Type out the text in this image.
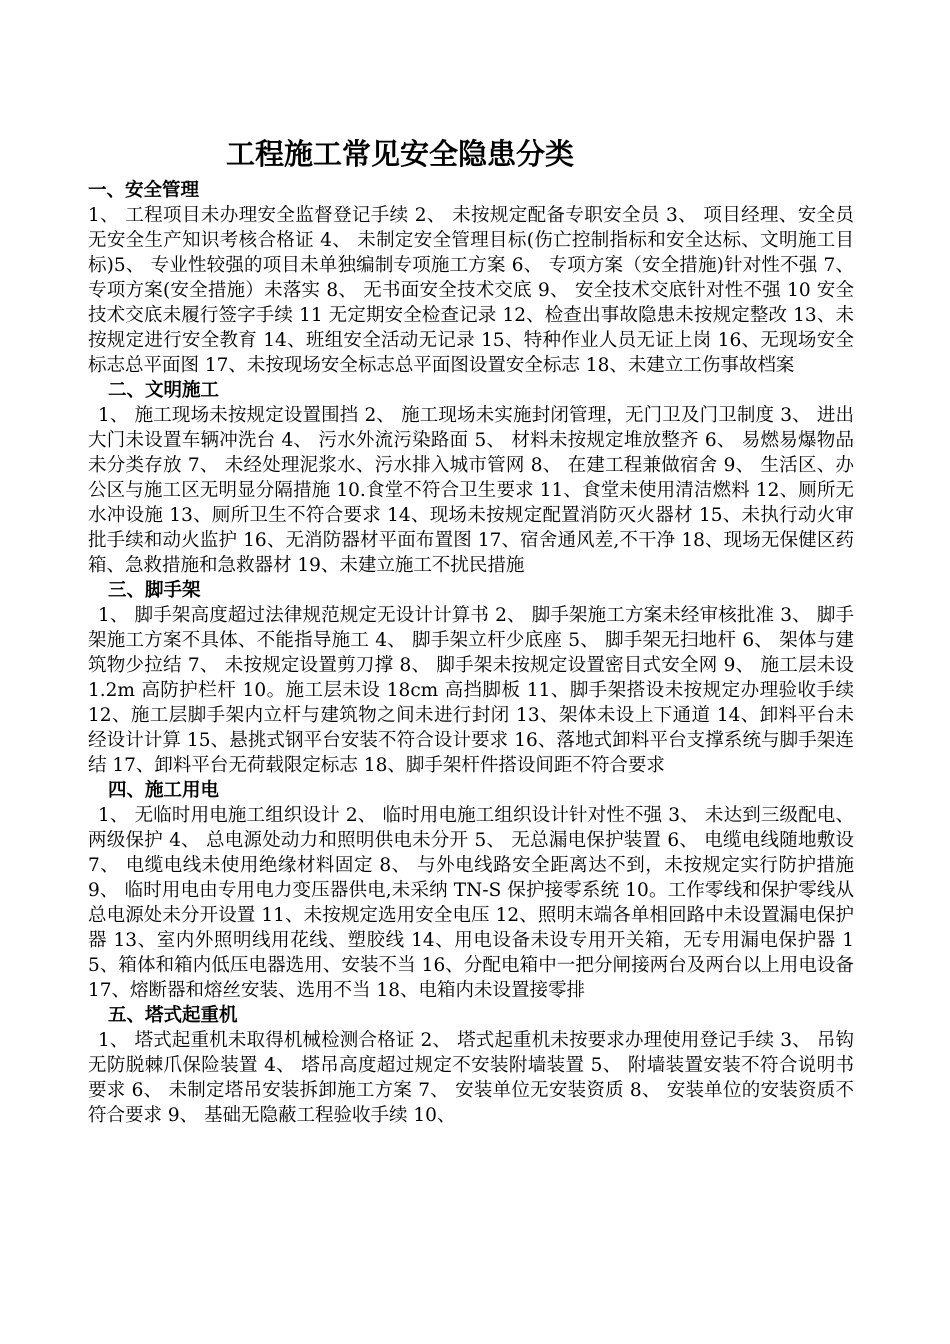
工程施工常见安全隐患分类
一、安全管理

1、 工程项目未办理安全监督登记手续 2、 未按规定配备专职安全员 3、 项目经理、安全员无安全生产知识考核合格证 4、 未制定安全管理目标(伤亡控制指标和安全达标、文明施工目标)5、 专业性较强的项目未单独编制专项施工方案 6、 专项方案（安全措施)针对性不强 7、 专项方案(安全措施）未落实 8、 无书面安全技术交底 9、 安全技术交底针对性不强 10 安全技术交底未履行签字手续 11 无定期安全检查记录 12、检查出事故隐患未按规定整改 13、未按规定进行安全教育 14、班组安全活动无记录 15、特种作业人员无证上岗 16、无现场安全标志总平面图 17、未按现场安全标志总平面图设置安全标志 18、未建立工伤事故档案

二、文明施工

1、 施工现场未按规定设置围挡 2、 施工现场未实施封闭管理，无门卫及门卫制度 3、 进出大门未设置车辆冲洗台 4、 污水外流污染路面 5、 材料未按规定堆放整齐 6、 易燃易爆物品未分类存放 7、 未经处理泥浆水、污水排入城市管网 8、 在建工程兼做宿舍 9、 生活区、办公区与施工区无明显分隔措施 10.食堂不符合卫生要求 11、食堂未使用清洁燃料 12、厕所无水冲设施 13、厕所卫生不符合要求 14、现场未按规定配置消防灭火器材 15、未执行动火审批手续和动火监护 16、无消防器材平面布置图 17、宿舍通风差,不干净 18、现场无保健区药箱、急救措施和急救器材 19、未建立施工不扰民措施

三、脚手架

1、 脚手架高度超过法律规范规定无设计计算书 2、 脚手架施工方案未经审核批准 3、 脚手架施工方案不具体、不能指导施工 4、 脚手架立杆少底座 5、 脚手架无扫地杆 6、 架体与建筑物少拉结 7、 未按规定设置剪刀撑 8、 脚手架未按规定设置密目式安全网 9、 施工层未设 1.2m 高防护栏杆 10。施工层未设 18cm 高挡脚板 11、脚手架搭设未按规定办理验收手续 12、施工层脚手架内立杆与建筑物之间未进行封闭 13、架体未设上下通道 14、卸料平台未经设计计算 15、悬挑式钢平台安装不符合设计要求 16、落地式卸料平台支撑系统与脚手架连结 17、卸料平台无荷载限定标志 18、脚手架杆件搭设间距不符合要求

四、施工用电

1、 无临时用电施工组织设计 2、 临时用电施工组织设计针对性不强 3、 未达到三级配电、两级保护 4、 总电源处动力和照明供电未分开 5、 无总漏电保护装置 6、 电缆电线随地敷设 7、 电缆电线未使用绝缘材料固定 8、 与外电线路安全距离达不到，未按规定实行防护措施 9、 临时用电由专用电力变压器供电,未采纳 TN-S 保护接零系统 10。工作零线和保护零线从总电源处未分开设置 11、未按规定选用安全电压 12、照明末端各单相回路中未设置漏电保护器 13、室内外照明线用花线、塑胶线 14、用电设备未设专用开关箱，无专用漏电保护器 15、箱体和箱内低压电器选用、安装不当 16、分配电箱中一把分闸接两台及两台以上用电设备 17、熔断器和熔丝安装、选用不当 18、电箱内未设置接零排

五、塔式起重机

1、 塔式起重机未取得机械检测合格证 2、 塔式起重机未按要求办理使用登记手续 3、 吊钩无防脱棘爪保险装置 4、 塔吊高度超过规定不安装附墙装置 5、 附墙装置安装不符合说明书要求 6、 未制定塔吊安装拆卸施工方案 7、 安装单位无安装资质 8、 安装单位的安装资质不符合要求 9、 基础无隐蔽工程验收手续 10、
